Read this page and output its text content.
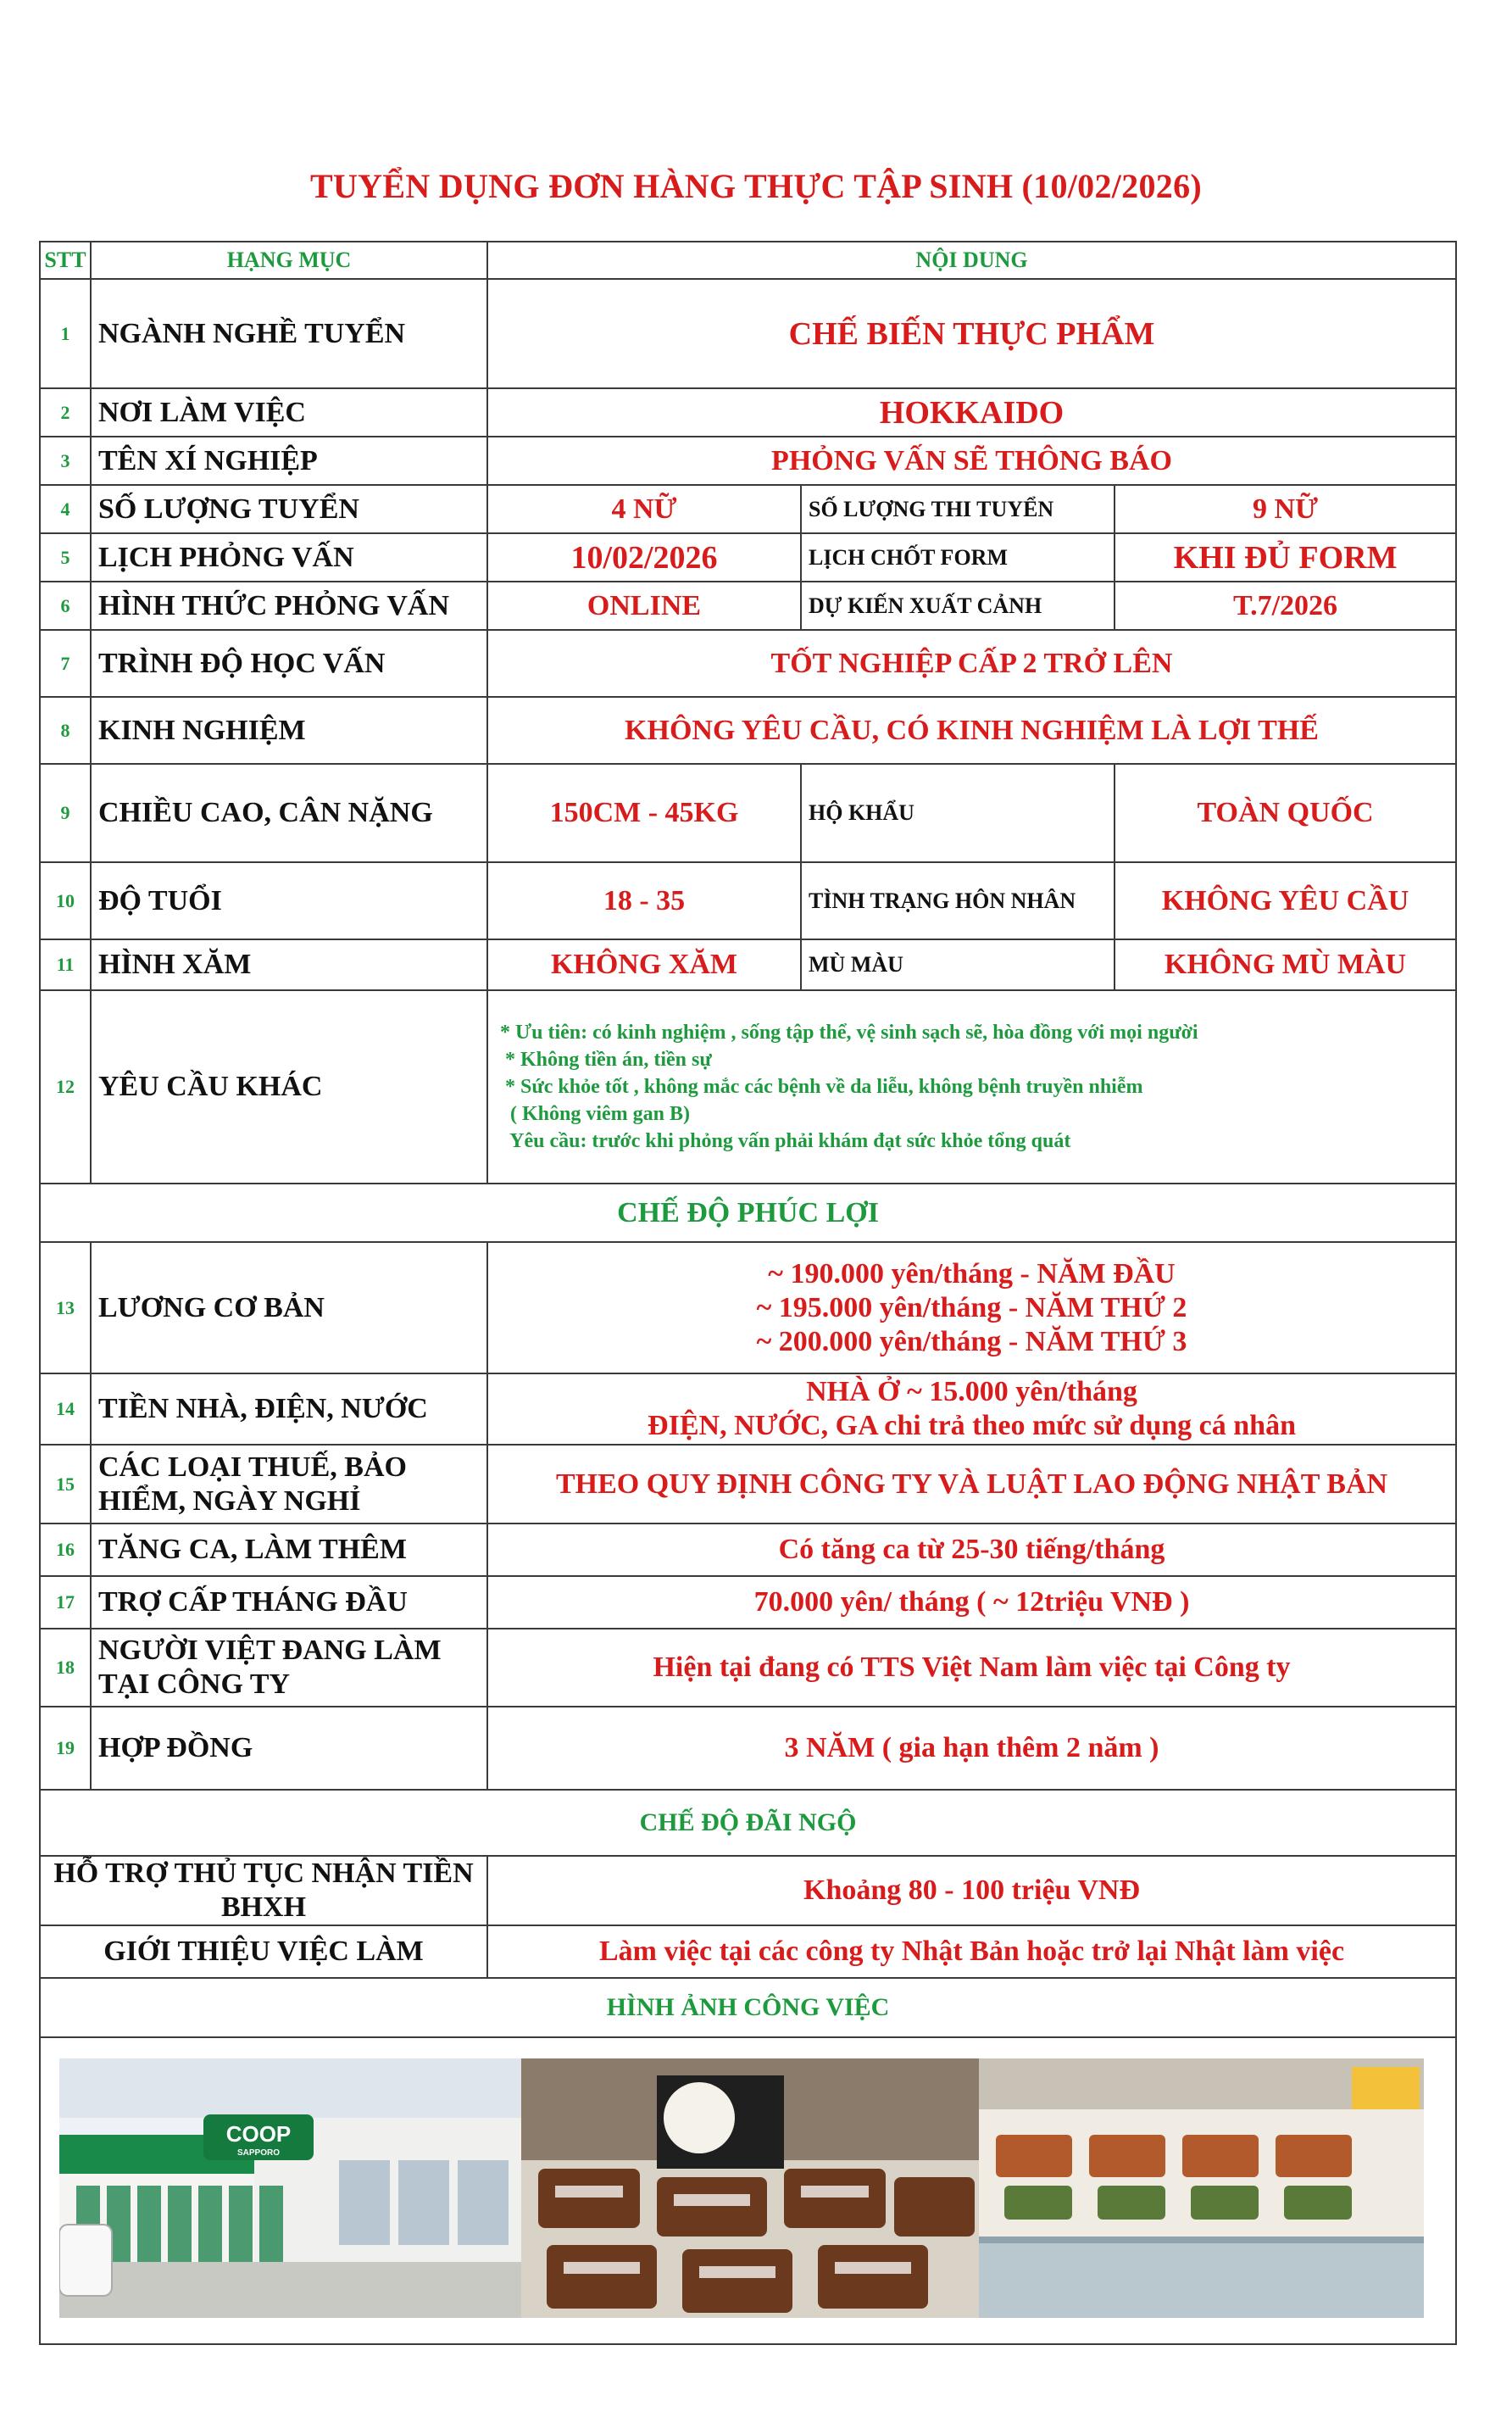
TUYỂN DỤNG ĐƠN HÀNG THỰC TẬP SINH (10/02/2026)
STT	HẠNG MỤC	NỘI DUNG		
1	NGÀNH NGHỀ TUYỂN	CHẾ BIẾN THỰC PHẨM		
2	NƠI LÀM VIỆC	HOKKAIDO		
3	TÊN XÍ NGHIỆP	PHỎNG VẤN SẼ THÔNG BÁO		
4	SỐ LƯỢNG TUYỂN	4 NỮ	SỐ LƯỢNG THI TUYỂN	9 NỮ
5	LỊCH PHỎNG VẤN	10/02/2026	LỊCH CHỐT FORM	KHI ĐỦ FORM
6	HÌNH THỨC PHỎNG VẤN	ONLINE	DỰ KIẾN XUẤT CẢNH	T.7/2026
7	TRÌNH ĐỘ HỌC VẤN	TỐT NGHIỆP CẤP 2 TRỞ LÊN		
8	KINH NGHIỆM	KHÔNG YÊU CẦU, CÓ KINH NGHIỆM LÀ LỢI THẾ		
9	CHIỀU CAO, CÂN NẶNG	150CM - 45KG	HỘ KHẨU	TOÀN QUỐC
10	ĐỘ TUỔI	18 - 35	TÌNH TRẠNG HÔN NHÂN	KHÔNG YÊU CẦU
11	HÌNH XĂM	KHÔNG XĂM	MÙ MÀU	KHÔNG MÙ MÀU
12	YÊU CẦU KHÁC	* Ưu tiên: có kinh nghiệm , sống tập thể, vệ sinh sạch sẽ, hòa đồng với mọi người
* Không tiền án, tiền sự
* Sức khỏe tốt , không mắc các bệnh về da liễu, không bệnh truyền nhiễm
( Không viêm gan B)
Yêu cầu: trước khi phỏng vấn phải khám đạt sức khỏe tổng quát		

CHẾ ĐỘ PHÚC LỢI				
13	LƯƠNG CƠ BẢN	~ 190.000 yên/tháng - NĂM ĐẦU
~ 195.000 yên/tháng - NĂM THỨ 2
~ 200.000 yên/tháng - NĂM THỨ 3		

14	TIỀN NHÀ, ĐIỆN, NƯỚC	NHÀ Ở ~ 15.000 yên/tháng
ĐIỆN, NƯỚC, GA chi trả theo mức sử dụng cá nhân		

15	CÁC LOẠI THUẾ, BẢO
HIỂM, NGÀY NGHỈ	THEO QUY ĐỊNH CÔNG TY VÀ LUẬT LAO ĐỘNG NHẬT BẢN		
16	TĂNG CA, LÀM THÊM	Có tăng ca từ 25-30 tiếng/tháng		
17	TRỢ CẤP THÁNG ĐẦU	70.000 yên/ tháng ( ~ 12triệu VNĐ )		
18	NGƯỜI VIỆT ĐANG LÀM
TẠI CÔNG TY	Hiện tại đang có TTS Việt Nam làm việc tại Công ty		
19	HỢP ĐỒNG	3 NĂM ( gia hạn thêm 2 năm )		
CHẾ ĐỘ ĐÃI NGỘ				

HỖ TRỢ THỦ TỤC NHẬN TIỀN
BHXH		Khoảng 80 - 100 triệu VNĐ		
GIỚI THIỆU VIỆC LÀM		Làm việc tại các công ty Nhật Bản hoặc trở lại Nhật làm việc		
HÌNH ẢNH CÔNG VIỆC				

COOP
SAPPORO				
